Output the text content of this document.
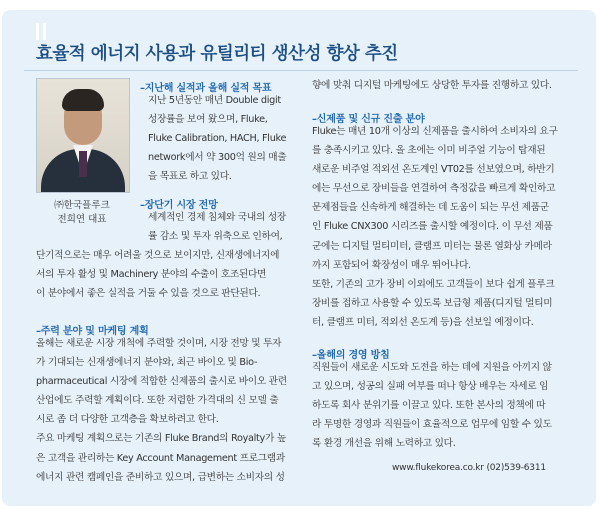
효율적 에너지 사용과 유틸리티 생산성 향상 추진
㈜한국플루크
전희연 대표
–지난해 실적과 올해 실적 목표
지난 5년동안 매년 Double digit
성장률을 보여 왔으며, Fluke,
Fluke Calibration, HACH, Fluke
network에서 약 300억 원의 매출
을 목표로 하고 있다.
–장단기 시장 전망
세계적인 경제 침체와 국내의 성장
률 감소 및 투자 위축으로 인하여,
단기적으로는 매우 어려울 것으로 보이지만, 신재생에너지에
서의 투자 활성 및 Machinery 분야의 수출이 호조된다면
이 분야에서 좋은 실적을 거둘 수 있을 것으로 판단된다.
–주력 분야 및 마케팅 계획
올해는 새로운 시장 개척에 주력할 것이며, 시장 전망 및 투자
가 기대되는 신재생에너지 분야와, 최근 바이오 및 Bio-
pharmaceutical 시장에 적합한 신제품의 출시로 바이오 관련
산업에도 주력할 계획이다. 또한 저렴한 가격대의 신 모델 출
시로 좀 더 다양한 고객층을 확보하려고 한다.
주요 마케팅 계획으로는 기존의 Fluke Brand의 Royalty가 높
은 고객을 관리하는 Key Account Management 프로그램과
에너지 관련 캠페인을 준비하고 있으며, 급변하는 소비자의 성
향에 맞춰 디지털 마케팅에도 상당한 투자를 진행하고 있다.
–신제품 및 신규 진출 분야
Fluke는 매년 10개 이상의 신제품을 출시하여 소비자의 요구
를 충족시키고 있다. 올 초에는 이미 비주얼 기능이 탑재된
새로운 비주얼 적외선 온도계인 VT02를 선보였으며, 하반기
에는 무선으로 장비들을 연결하여 측정값을 빠르게 확인하고
문제점들을 신속하게 해결하는 데 도움이 되는 무선 제품군
인 Fluke CNX300 시리즈를 출시할 예정이다. 이 무선 제품
군에는 디지털 멀티미터, 클램프 미터는 물론 열화상 카메라
까지 포함되어 확장성이 매우 뛰어나다.
또한, 기존의 고가 장비 이외에도 고객들이 보다 쉽게 플루크
장비를 접하고 사용할 수 있도록 보급형 제품(디지털 멀티미
터, 클램프 미터, 적외선 온도계 등)을 선보일 예정이다.
–올해의 경영 방침
직원들이 새로운 시도와 도전을 하는 데에 지원을 아끼지 않
고 있으며, 성공의 실패 여부를 떠나 항상 배우는 자세로 임
하도록 회사 분위기를 이끌고 있다. 또한 본사의 정책에 따
라 투명한 경영과 직원들이 효율적으로 업무에 임할 수 있도
록 환경 개선을 위해 노력하고 있다.
www.flukekorea.co.kr (02)539-6311
